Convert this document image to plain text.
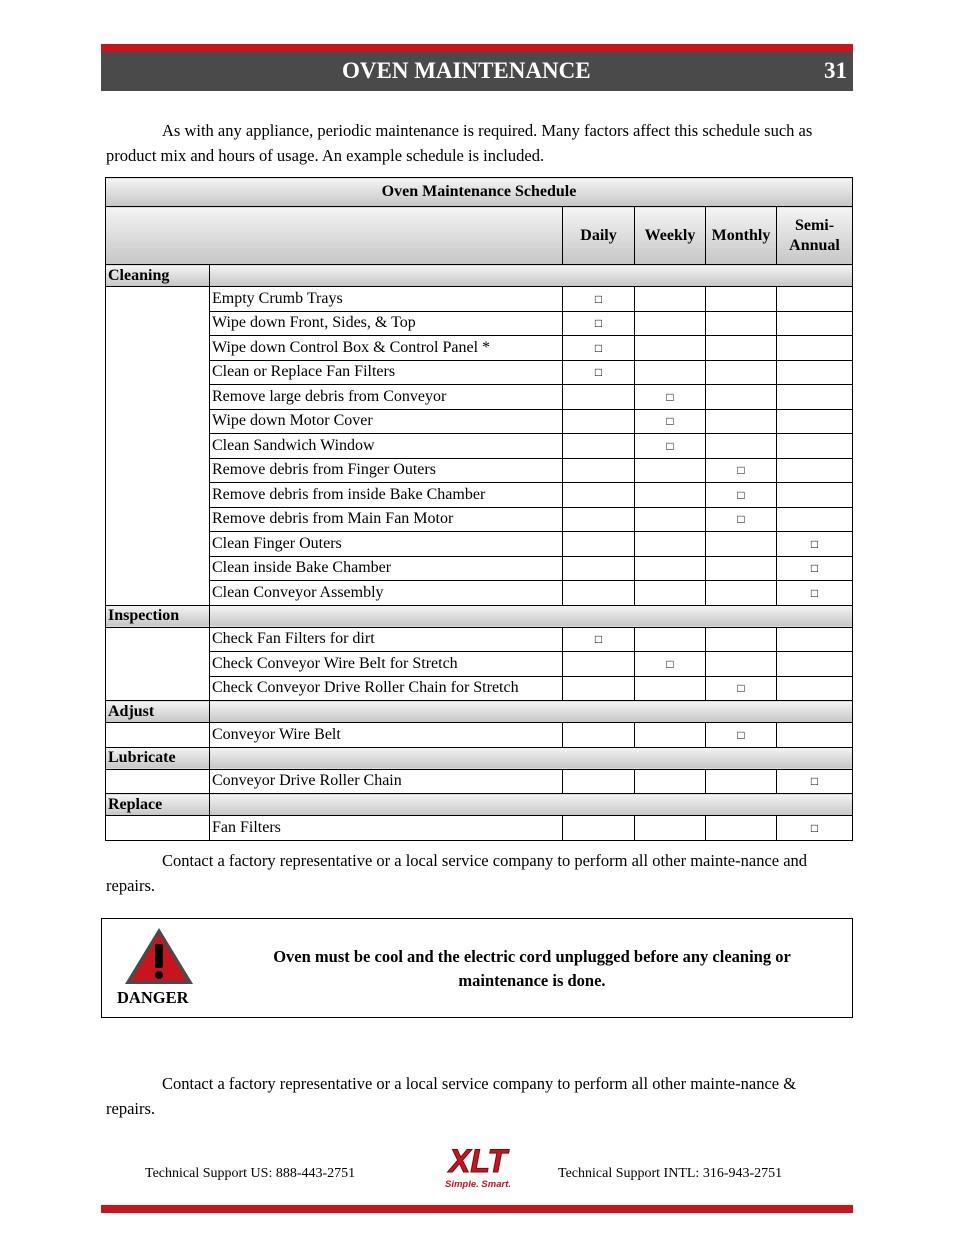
31
OVEN MAINTENANCE
As with any appliance, periodic maintenance is required. Many factors affect this schedule such as product mix and hours of usage. An example schedule is included.
Oven Maintenance Schedule					
		Daily	Weekly	Monthly	Semi-
Annual
Cleaning					
	Empty Crumb Trays	□			
	Wipe down Front, Sides, & Top	□			
	Wipe down Control Box & Control Panel *	□			
	Clean or Replace Fan Filters	□			
	Remove large debris from Conveyor		□		
	Wipe down Motor Cover		□		
	Clean Sandwich Window		□		
	Remove debris from Finger Outers			□	
	Remove debris from inside Bake Chamber			□	
	Remove debris from Main Fan Motor			□	
	Clean Finger Outers				□
	Clean inside Bake Chamber				□
	Clean Conveyor Assembly				□
Inspection					
	Check Fan Filters for dirt	□			
	Check Conveyor Wire Belt for Stretch		□		
	Check Conveyor Drive Roller Chain for Stretch			□	
Adjust					
	Conveyor Wire Belt			□	
Lubricate					
	Conveyor Drive Roller Chain				□
Replace					
	Fan Filters				□
Contact a factory representative or a local service company to perform all other mainte-nance and repairs.
Oven must be cool and the electric cord unplugged before any cleaning or maintenance is done.
DANGER
Contact a factory representative or a local service company to perform all other mainte-nance & repairs.
Technical Support US: 888-443-2751	XLT
Simple. Smart.
Technical Support INTL: 316-943-2751
